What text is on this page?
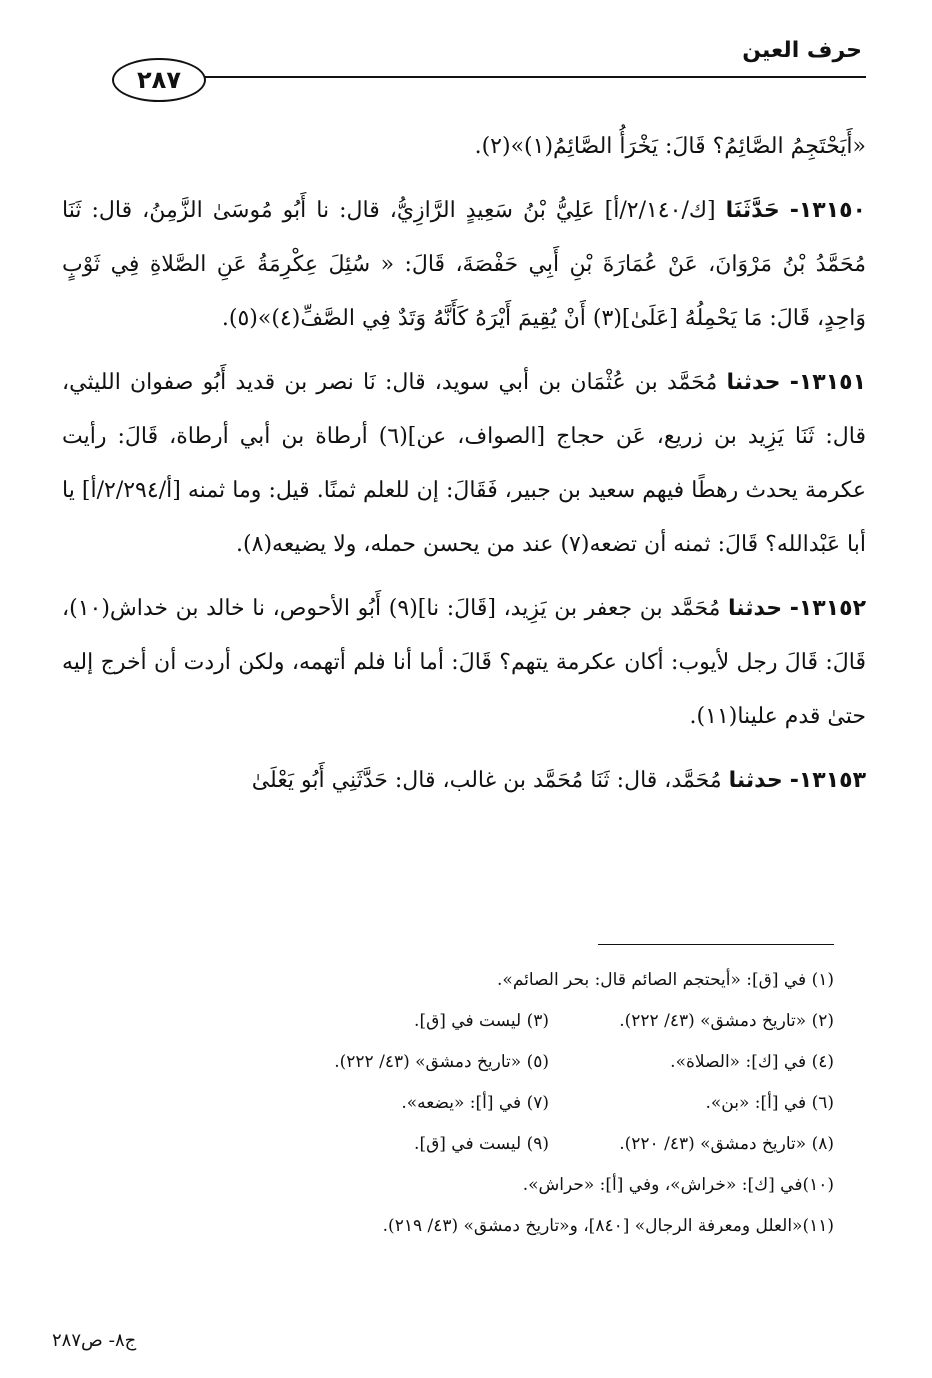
حرف العين
٢٨٧

«أَيَحْتَجِمُ الصَّائِمُ؟ قَالَ: يَخْرَأُ الصَّائِمُ(١)»(٢).

١٣١٥٠- حَدَّثَنَا [ك/٢/١٤٠/أ] عَلِيُّ بْنُ سَعِيدٍ الرَّازِيُّ، قال: نا أَبُو مُوسَىٰ الزَّمِنُ، قال: ثَنَا مُحَمَّدُ بْنُ مَرْوَانَ، عَنْ عُمَارَةَ بْنِ أَبِي حَفْصَةَ، قَالَ: « سُئِلَ عِكْرِمَةُ عَنِ الصَّلاةِ فِي ثَوْبٍ وَاحِدٍ، قَالَ: مَا يَحْمِلُهُ [عَلَىٰ](٣) أَنْ يُقِيمَ أَيْرَهُ كَأَنَّهُ وَتَدٌ فِي الصَّفِّ(٤)»(٥).

١٣١٥١- حدثنا مُحَمَّد بن عُثْمَان بن أبي سويد، قال: نَا نصر بن قديد أَبُو صفوان الليثي، قال: ثَنَا يَزِيد بن زريع، عَن حجاج [الصواف، عن](٦) أرطاة بن أبي أرطاة، قَالَ: رأيت عكرمة يحدث رهطًا فيهم سعيد بن جبير، فَقَالَ: إن للعلم ثمنًا. قيل: وما ثمنه [أ/٢/٢٩٤/أ] يا أبا عَبْدالله؟ قَالَ: ثمنه أن تضعه(٧) عند من يحسن حمله، ولا يضيعه(٨).

١٣١٥٢- حدثنا مُحَمَّد بن جعفر بن يَزِيد، [قَالَ: نا](٩) أَبُو الأحوص، نا خالد بن خداش(١٠)، قَالَ: قَالَ رجل لأيوب: أكان عكرمة يتهم؟ قَالَ: أما أنا فلم أتهمه، ولكن أردت أن أخرج إليه حتىٰ قدم علينا(١١).

١٣١٥٣- حدثنا مُحَمَّد، قال: ثَنَا مُحَمَّد بن غالب، قال: حَدَّثَنِي أَبُو يَعْلَىٰ

(١) في [ق]: «أيحتجم الصائم قال: بحر الصائم».
(٢) «تاريخ دمشق» (٤٣/ ٢٢٢).
(٣) ليست في [ق].
(٤) في [ك]: «الصلاة».
(٥) «تاريخ دمشق» (٤٣/ ٢٢٢).
(٦) في [أ]: «بن».
(٧) في [أ]: «يضعه».
(٨) «تاريخ دمشق» (٤٣/ ٢٢٠).
(٩) ليست في [ق].
(١٠)في [ك]: «خراش»، وفي [أ]: «حراش».
(١١)«العلل ومعرفة الرجال» [٨٤٠]، و«تاريخ دمشق» (٤٣/ ٢١٩).
ج٨- ص٢٨٧
